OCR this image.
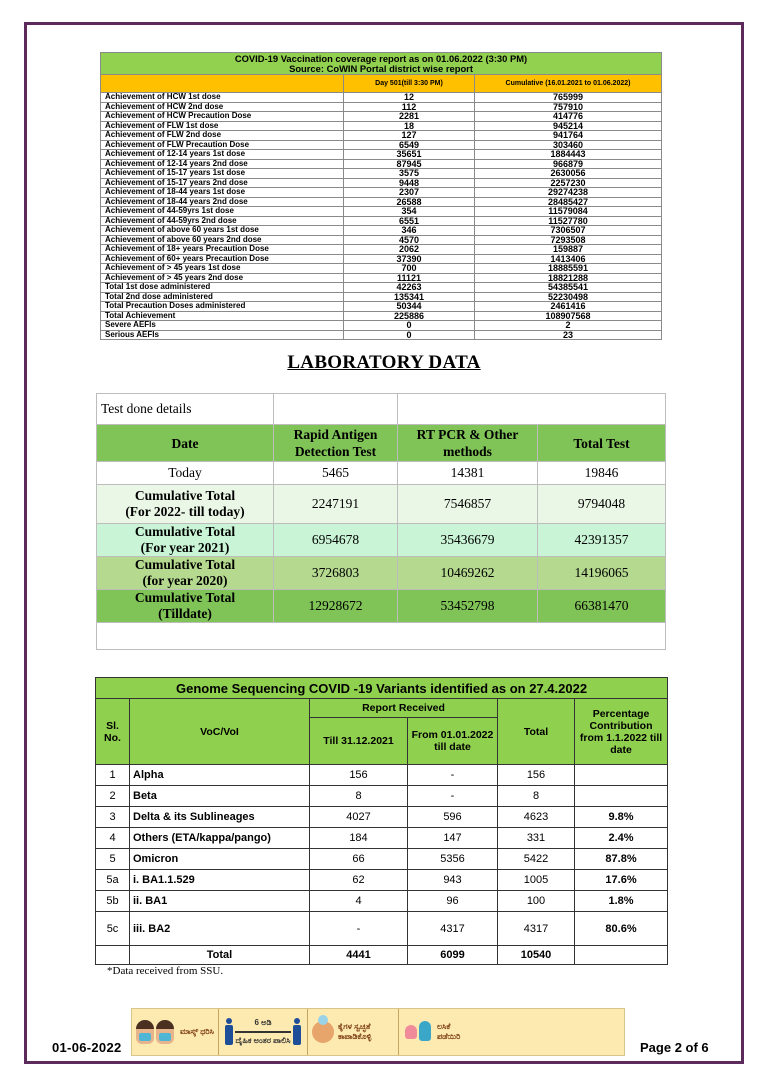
COVID-19 Vaccination coverage report as on 01.06.2022 (3:30 PM)
Source: CoWIN Portal district wise report		

	Day 501(till 3:30 PM)	Cumulative (16.01.2021 to 01.06.2022)
Achievement of HCW 1st dose	12	765999
Achievement of HCW 2nd dose	112	757910
Achievement of HCW Precaution Dose	2281	414776
Achievement of FLW 1st dose	18	945214
Achievement of FLW 2nd dose	127	941764
Achievement of FLW Precaution Dose	6549	303460
Achievement of 12-14 years 1st dose	35651	1884443
Achievement of 12-14 years 2nd dose	87945	966879
Achievement of 15-17 years 1st dose	3575	2630056
Achievement of 15-17 years 2nd dose	9448	2257230
Achievement of 18-44 years 1st dose	2307	29274238
Achievement of 18-44 years 2nd dose	26588	28485427
Achievement of 44-59yrs 1st dose	354	11579084
Achievement of 44-59yrs 2nd dose	6551	11527780
Achievement of above 60 years 1st dose	346	7306507
Achievement of above 60 years 2nd dose	4570	7293508
Achievement of 18+ years Precaution Dose	2062	159887
Achievement of 60+ years Precaution Dose	37390	1413406
Achievement of > 45 years 1st dose	700	18885591
Achievement of > 45 years 2nd dose	11121	18821288
Total 1st dose administered	42263	54385541
Total 2nd dose administered	135341	52230498
Total Precaution Doses administered	50344	2461416
Total Achievement	225886	108907568
Severe AEFIs	0	2
Serious AEFIs	0	23
LABORATORY DATA
Test done details			
Date	Rapid Antigen Detection Test	RT PCR & Other methods	Total Test

Today	5465	14381	19846

Cumulative Total
(For 2022- till today)	2247191	7546857	9794048

Cumulative Total
(For year 2021)	6954678	35436679	42391357

Cumulative Total
(for year 2020)	3726803	10469262	14196065

Cumulative Total
(Tilldate)	12928672	53452798	66381470

Genome Sequencing COVID -19 Variants identified as on 27.4.2022					
Sl. No.	VoC/VoI	Report Received		Total	Percentage Contribution from 1.1.2022 till date
		Till 31.12.2021	From 01.01.2022 till date		
1	Alpha	156	-	156	
2	Beta	8	-	8	
3	Delta & its Sublineages	4027	596	4623	9.8%
4	Others (ETA/kappa/pango)	184	147	331	2.4%
5	Omicron	66	5356	5422	87.8%
5a	i. BA1.1.529	62	943	1005	17.6%
5b	ii. BA1	4	96	100	1.8%
5c	iii. BA2	-	4317	4317	80.6%
	Total	4441	6099	10540	
*Data received from SSU.
ಮಾಸ್ಕ್ ಧರಿಸಿ
6 ಅಡಿ
ದೈಹಿಕ ಅಂತರ ಪಾಲಿಸಿ
ಕೈಗಳ ಸ್ವಚ್ಛತೆ ಕಾಪಾಡಿಕೊಳ್ಳಿ
ಲಸಿಕೆ ಪಡೆಯಿರಿ
01-06-2022	Page 2 of 6
